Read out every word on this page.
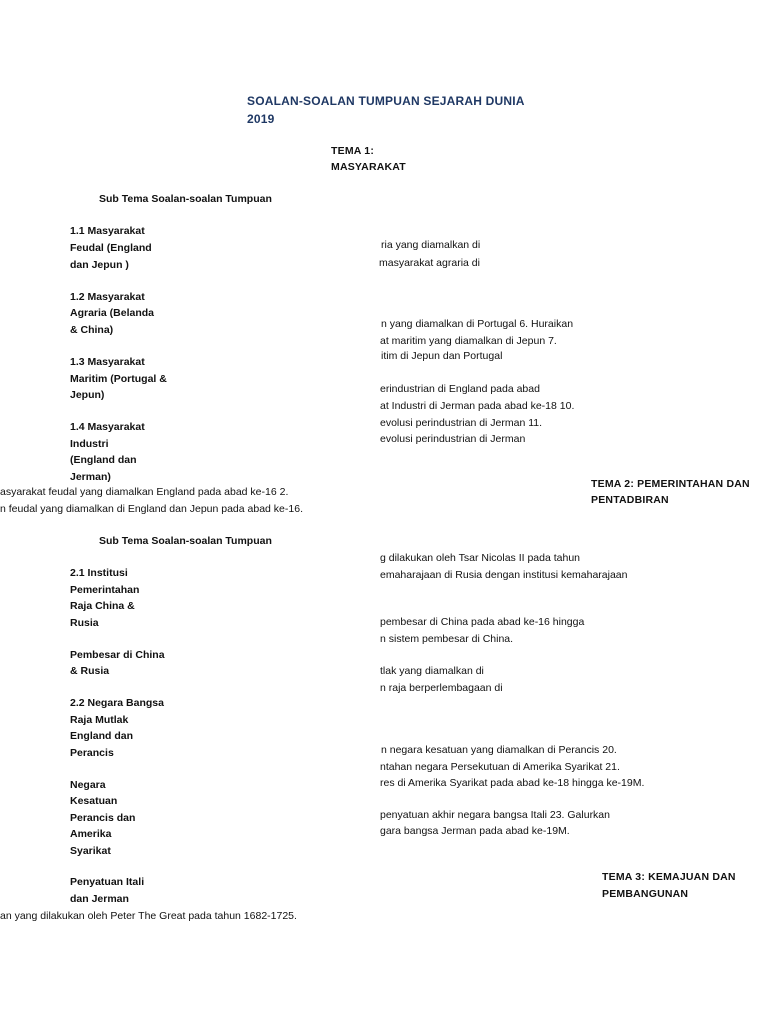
SOALAN-SOALAN TUMPUAN SEJARAH DUNIA
2019
TEMA 1:
MASYARAKAT
Sub Tema Soalan-soalan Tumpuan
1.1 Masyarakat
Feudal (England
dan Jepun )
1.2 Masyarakat
Agraria (Belanda
& China)
1.3 Masyarakat
Maritim (Portugal &
Jepun)
1.4 Masyarakat
Industri
(England dan
Jerman)
ria yang diamalkan di
masyarakat agraria di
n yang diamalkan di Portugal 6. Huraikan
at maritim yang diamalkan di Jepun 7.
itim di Jepun dan Portugal
erindustrian di England pada abad
at Industri di Jerman pada abad ke-18 10.
evolusi perindustrian di Jerman 11.
evolusi perindustrian di Jerman
asyarakat feudal yang diamalkan England pada abad ke-16 2.
n feudal yang diamalkan di England dan Jepun pada abad ke-16.
TEMA 2: PEMERINTAHAN DAN
PENTADBIRAN
Sub Tema Soalan-soalan Tumpuan
2.1 Institusi
Pemerintahan
Raja China &
Rusia
Pembesar di China
& Rusia
2.2 Negara Bangsa
Raja Mutlak
England dan
Perancis
Negara
Kesatuan
Perancis dan
Amerika
Syarikat
Penyatuan Itali
dan Jerman
g dilakukan oleh Tsar Nicolas II pada tahun
emaharajaan di Rusia dengan institusi kemaharajaan
pembesar di China pada abad ke-16 hingga
n sistem pembesar di China.
tlak yang diamalkan di
n raja berperlembagaan di
n negara kesatuan yang diamalkan di Perancis 20.
ntahan negara Persekutuan di Amerika Syarikat 21.
res di Amerika Syarikat pada abad ke-18 hingga ke-19M.
penyatuan akhir negara bangsa Itali 23. Galurkan
gara bangsa Jerman pada abad ke-19M.
an yang dilakukan oleh Peter The Great pada tahun 1682-1725.
TEMA 3: KEMAJUAN DAN
PEMBANGUNAN
